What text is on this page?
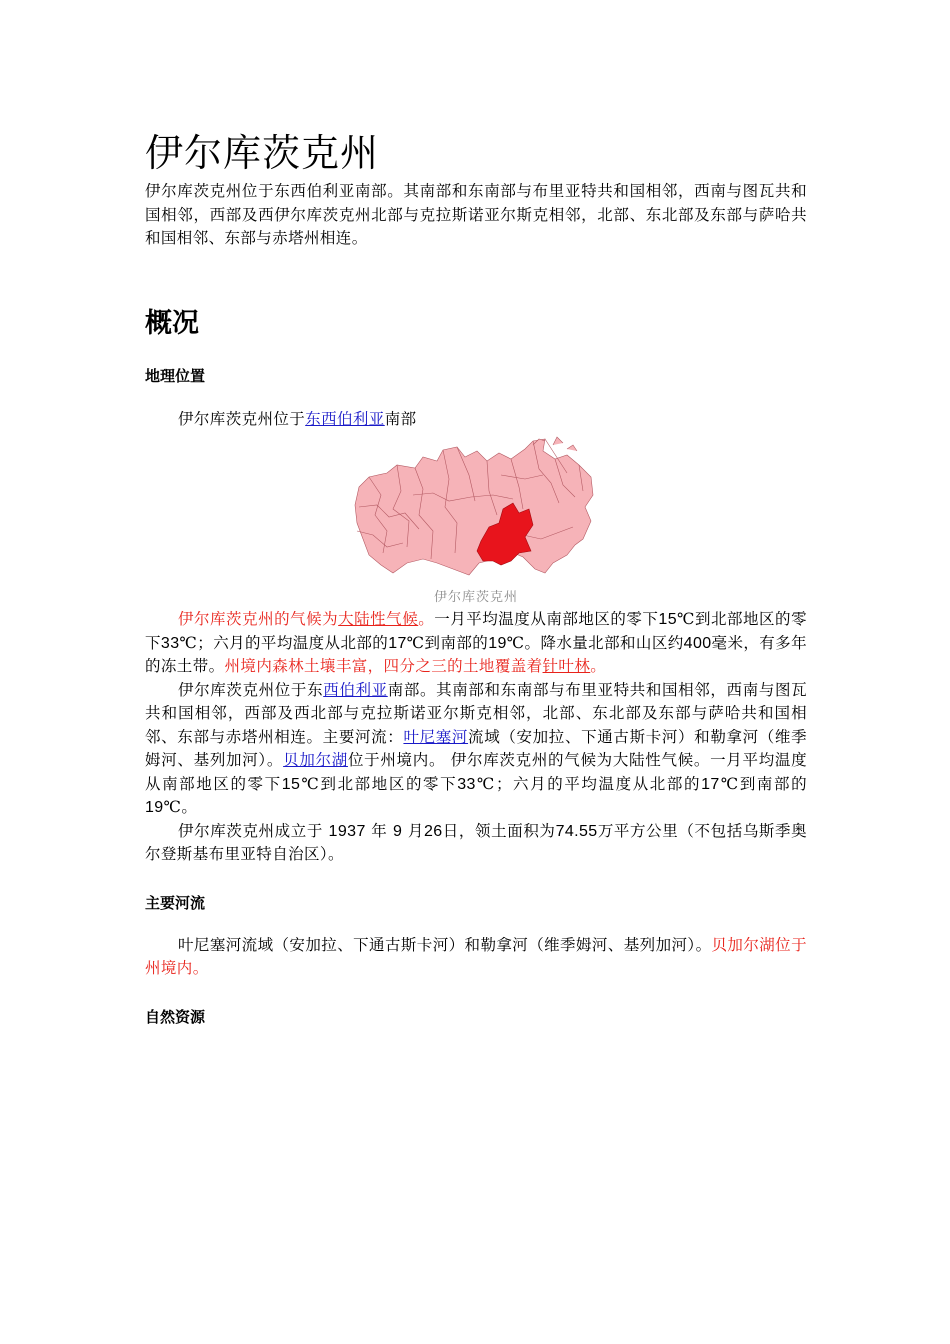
伊尔库茨克州

伊尔库茨克州位于东西伯利亚南部。其南部和东南部与布里亚特共和国相邻，西南与图瓦共和国相邻，西部及西伊尔库茨克州北部与克拉斯诺亚尔斯克相邻，北部、东北部及东部与萨哈共和国相邻、东部与赤塔州相连。

概况
地理位置

伊尔库茨克州位于东西伯利亚南部

伊尔库茨克州

伊尔库茨克州的气候为大陆性气候。一月平均温度从南部地区的零下15℃到北部地区的零下33℃；六月的平均温度从北部的17℃到南部的19℃。降水量北部和山区约400毫米，有多年的冻土带。州境内森林土壤丰富，四分之三的土地覆盖着针叶林。

伊尔库茨克州位于东西伯利亚南部。其南部和东南部与布里亚特共和国相邻，西南与图瓦共和国相邻，西部及西北部与克拉斯诺亚尔斯克相邻，北部、东北部及东部与萨哈共和国相邻、东部与赤塔州相连。主要河流：叶尼塞河流域（安加拉、下通古斯卡河）和勒拿河（维季姆河、基列加河）。贝加尔湖位于州境内。 伊尔库茨克州的气候为大陆性气候。一月平均温度从南部地区的零下15℃到北部地区的零下33℃；六月的平均温度从北部的17℃到南部的19℃。

伊尔库茨克州成立于 1937 年 9 月26日，领土面积为74.55万平方公里（不包括乌斯季奥尔登斯基布里亚特自治区）。

主要河流

叶尼塞河流域（安加拉、下通古斯卡河）和勒拿河（维季姆河、基列加河）。贝加尔湖位于州境内。

自然资源
